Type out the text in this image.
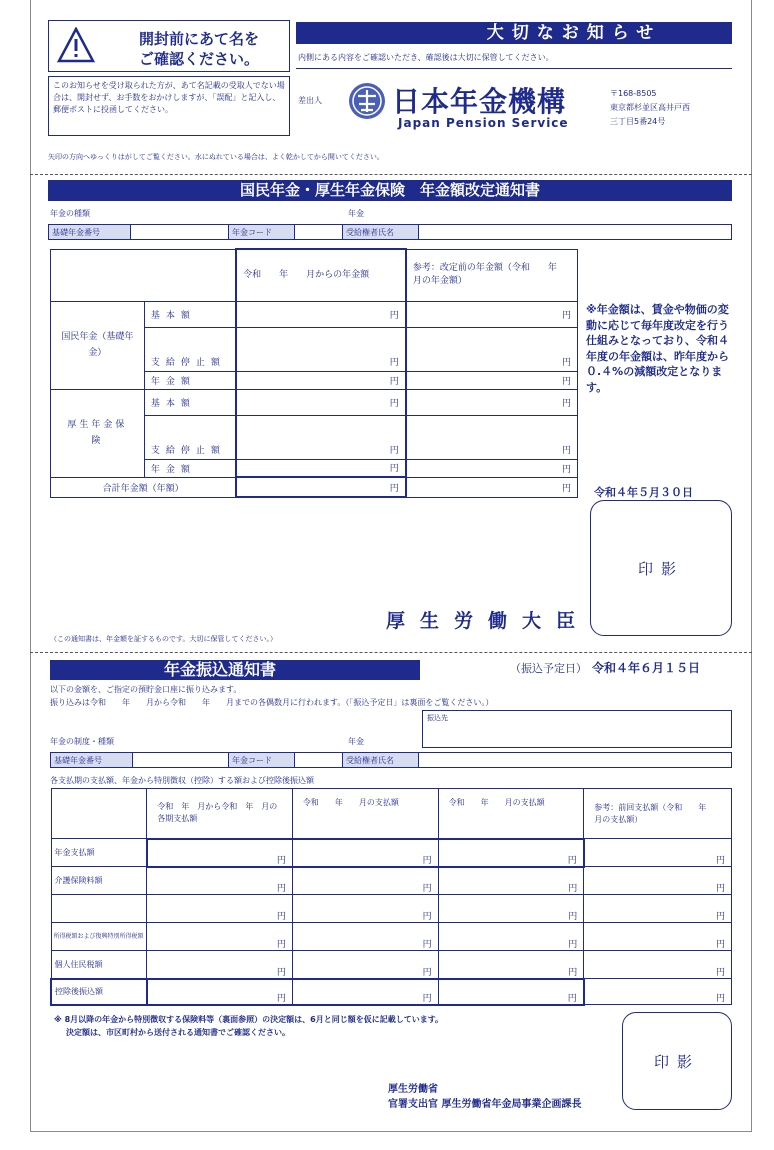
開封前にあて名を
ご確認ください。
このお知らせを受け取られた方が、あて名記載の受取人でない場合は、開封せず、お手数をおかけしますが、「誤配」と記入し、郵便ポストに投函してください。
大切なお知らせ
内側にある内容をご確認いただき、確認後は大切に保管してください。
差出人	日本年金機構
Japan Pension Service
〒168-8505
東京都杉並区高井戸西
三丁目5番24号
矢印の方向へゆっくりはがしてご覧ください。水にぬれている場合は、よく乾かしてから開いてください。
国民年金・厚生年金保険　年金額改定通知書
年金の種類	年金
基礎年金番号	年金コード	受給権者氏名
		令和　　年　　月からの年金額	参考：改定前の年金額（令和　　年　　月の年金額）
国民年金（基礎年金）	基本額	円	円
	支給停止額	円	円
	年金額	円	円
厚生年金保険	基本額	円	円
	支給停止額	円	円
	年金額	円	円
合計年金額（年額）		円	円
※年金額は、賃金や物価の変動に応じて毎年度改定を行う仕組みとなっており、令和４年度の年金額は、昨年度から０.４%の減額改定となります。
令和４年５月３０日
印影
厚生労働大臣
（この通知書は、年金額を証するものです。大切に保管してください。）
年金振込通知書	（振込予定日） 令和４年６月１５日
以下の金額を、ご指定の預貯金口座に振り込みます。
振り込みは令和　　年　　月から令和　　年　　月までの各偶数月に行われます。（「振込予定日」は裏面をご覧ください。）
振込先
年金の制度・種類	年金
基礎年金番号	年金コード	受給権者氏名
各支払期の支払額、年金から特別徴収（控除）する額および控除後振込額
	令和　年　月から令和　年　月の各期支払額	令和　　年　　月の支払額	令和　　年　　月の支払額	参考：前回支払額（令和　　年　　月の支払額）
年金支払額	円	円	円	円
介護保険料額	円	円	円	円
	円	円	円	円
所得税額および復興特別所得税額	円	円	円	円
個人住民税額	円	円	円	円
控除後振込額	円	円	円	円
※ 8月以降の年金から特別徴収する保険料等（裏面参照）の決定額は、6月と同じ額を仮に記載しています。
決定額は、市区町村から送付される通知書でご確認ください。
印影
厚生労働省
官署支出官 厚生労働省年金局事業企画課長
